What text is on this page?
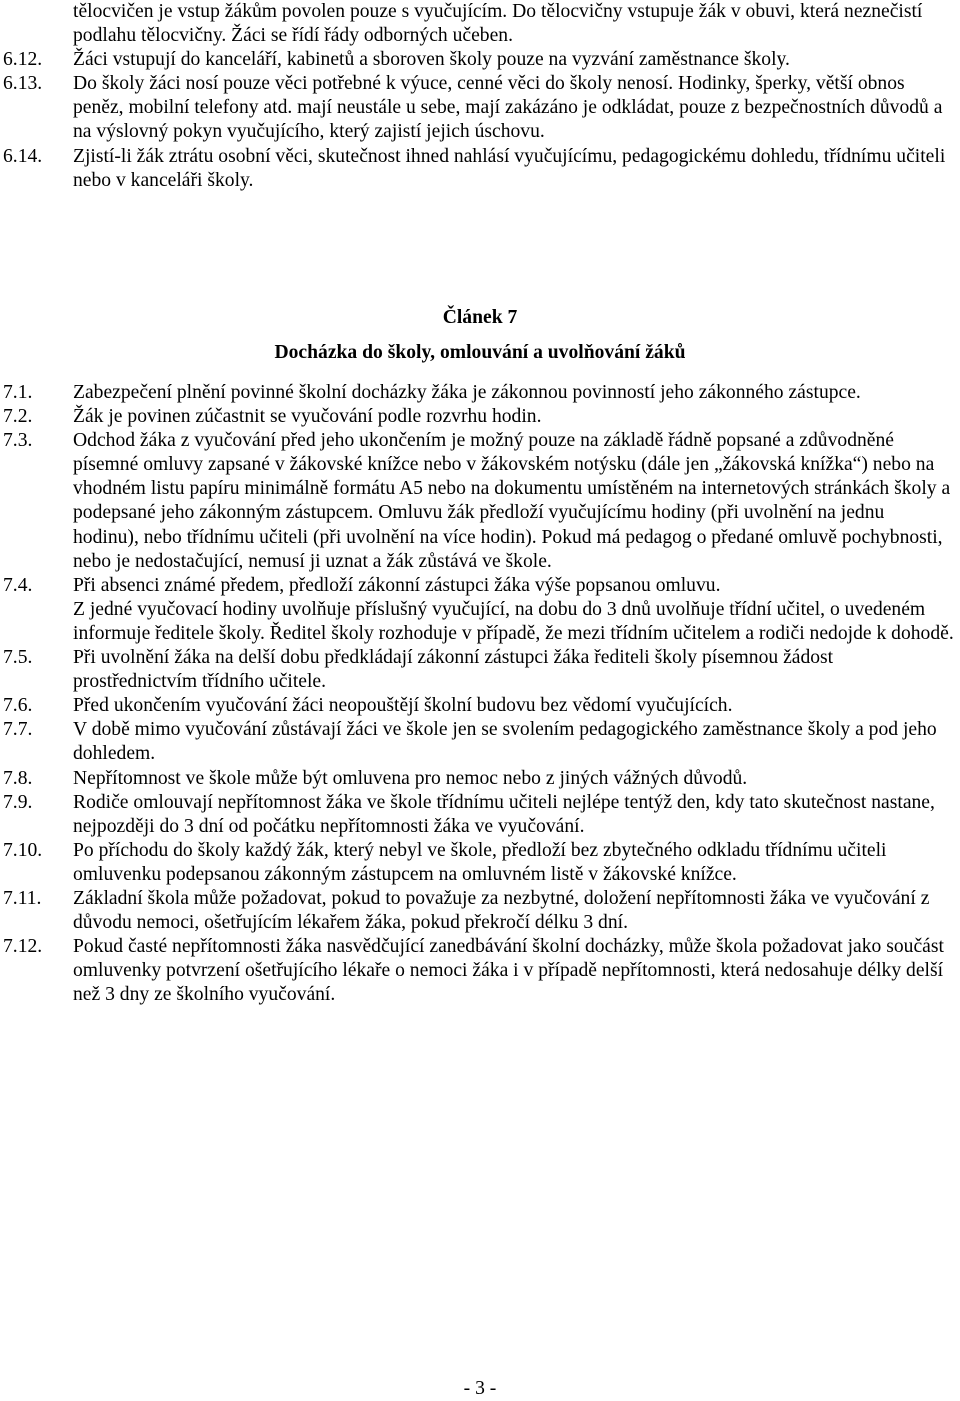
tělocvičen je vstup žákům povolen pouze s vyučujícím. Do tělocvičny vstupuje žák v obuvi, která neznečistí podlahu tělocvičny. Žáci se řídí řády odborných učeben.
6.12. Žáci vstupují do kanceláří, kabinetů a sboroven školy pouze na vyzvání zaměstnance školy.
6.13. Do školy žáci nosí pouze věci potřebné k výuce, cenné věci do školy nenosí. Hodinky, šperky, větší obnos peněz, mobilní telefony atd. mají neustále u sebe, mají zakázáno je odkládat, pouze z bezpečnostních důvodů a na výslovný pokyn vyučujícího, který zajistí jejich úschovu.
6.14. Zjistí-li žák ztrátu osobní věci, skutečnost ihned nahlásí vyučujícímu, pedagogickému dohledu, třídnímu učiteli nebo v kanceláři školy.
Článek 7
Docházka do školy, omlouvání a uvolňování žáků
7.1. Zabezpečení plnění povinné školní docházky žáka je zákonnou povinností jeho zákonného zástupce.
7.2. Žák je povinen zúčastnit se vyučování podle rozvrhu hodin.
7.3. Odchod žáka z vyučování před jeho ukončením je možný pouze na základě řádně popsané a zdůvodněné písemné omluvy zapsané v žákovské knížce nebo v žákovském notýsku (dále jen „žákovská knížka“) nebo na vhodném listu papíru minimálně formátu A5 nebo na dokumentu umístěném na internetových stránkách školy a podepsané jeho zákonným zástupcem. Omluvu žák předloží vyučujícímu hodiny (při uvolnění na jednu hodinu), nebo třídnímu učiteli (při uvolnění na více hodin). Pokud má pedagog o předané omluvě pochybnosti, nebo je nedostačující, nemusí ji uznat a žák zůstává ve škole.
7.4. Při absenci známé předem, předloží zákonní zástupci žáka výše popsanou omluvu.
Z jedné vyučovací hodiny uvolňuje příslušný vyučující, na dobu do 3 dnů uvolňuje třídní učitel, o uvedeném informuje ředitele školy. Ředitel školy rozhoduje v případě, že mezi třídním učitelem a rodiči nedojde k dohodě.
7.5. Při uvolnění žáka na delší dobu předkládají zákonní zástupci žáka řediteli školy písemnou žádost prostřednictvím třídního učitele.
7.6. Před ukončením vyučování žáci neopouštějí školní budovu bez vědomí vyučujících.
7.7. V době mimo vyučování zůstávají žáci ve škole jen se svolením pedagogického zaměstnance školy a pod jeho dohledem.
7.8. Nepřítomnost ve škole může být omluvena pro nemoc nebo z jiných vážných důvodů.
7.9. Rodiče omlouvají nepřítomnost žáka ve škole třídnímu učiteli nejlépe tentýž den, kdy tato skutečnost nastane, nejpozději do 3 dní od počátku nepřítomnosti žáka ve vyučování.
7.10. Po příchodu do školy každý žák, který nebyl ve škole, předloží bez zbytečného odkladu třídnímu učiteli omluvenku podepsanou zákonným zástupcem na omluvném listě v žákovské knížce.
7.11. Základní škola může požadovat, pokud to považuje za nezbytné, doložení nepřítomnosti žáka ve vyučování z důvodu nemoci, ošetřujícím lékařem žáka, pokud překročí délku 3 dní.
7.12. Pokud časté nepřítomnosti žáka nasvědčující zanedbávání školní docházky, může škola požadovat jako součást omluvenky potvrzení ošetřujícího lékaře o nemoci žáka i v případě nepřítomnosti, která nedosahuje délky delší než 3 dny ze školního vyučování.
- 3 -
